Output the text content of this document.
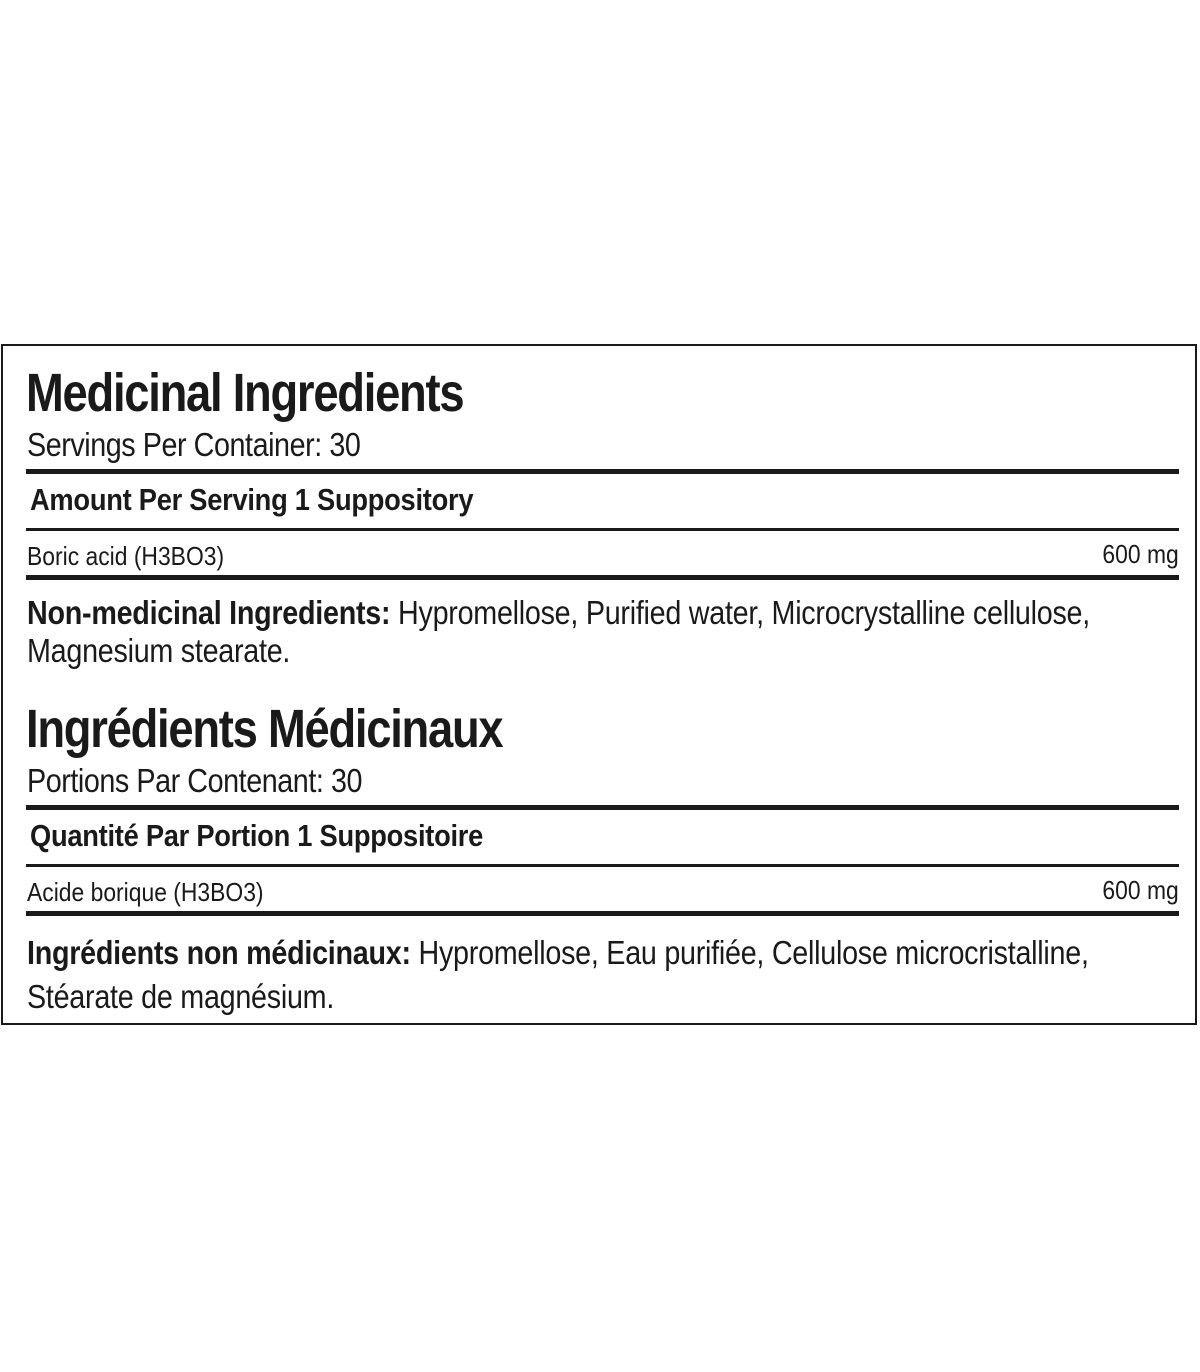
Medicinal Ingredients
Servings Per Container: 30
Amount Per Serving 1 Suppository
Boric acid (H3BO3)	600 mg
Non-medicinal Ingredients: Hypromellose, Purified water, Microcrystalline cellulose,
Magnesium stearate.
Ingrédients Médicinaux
Portions Par Contenant: 30
Quantité Par Portion 1 Suppositoire
Acide borique (H3BO3)	600 mg
Ingrédients non médicinaux: Hypromellose, Eau purifiée, Cellulose microcristalline,
Stéarate de magnésium.
